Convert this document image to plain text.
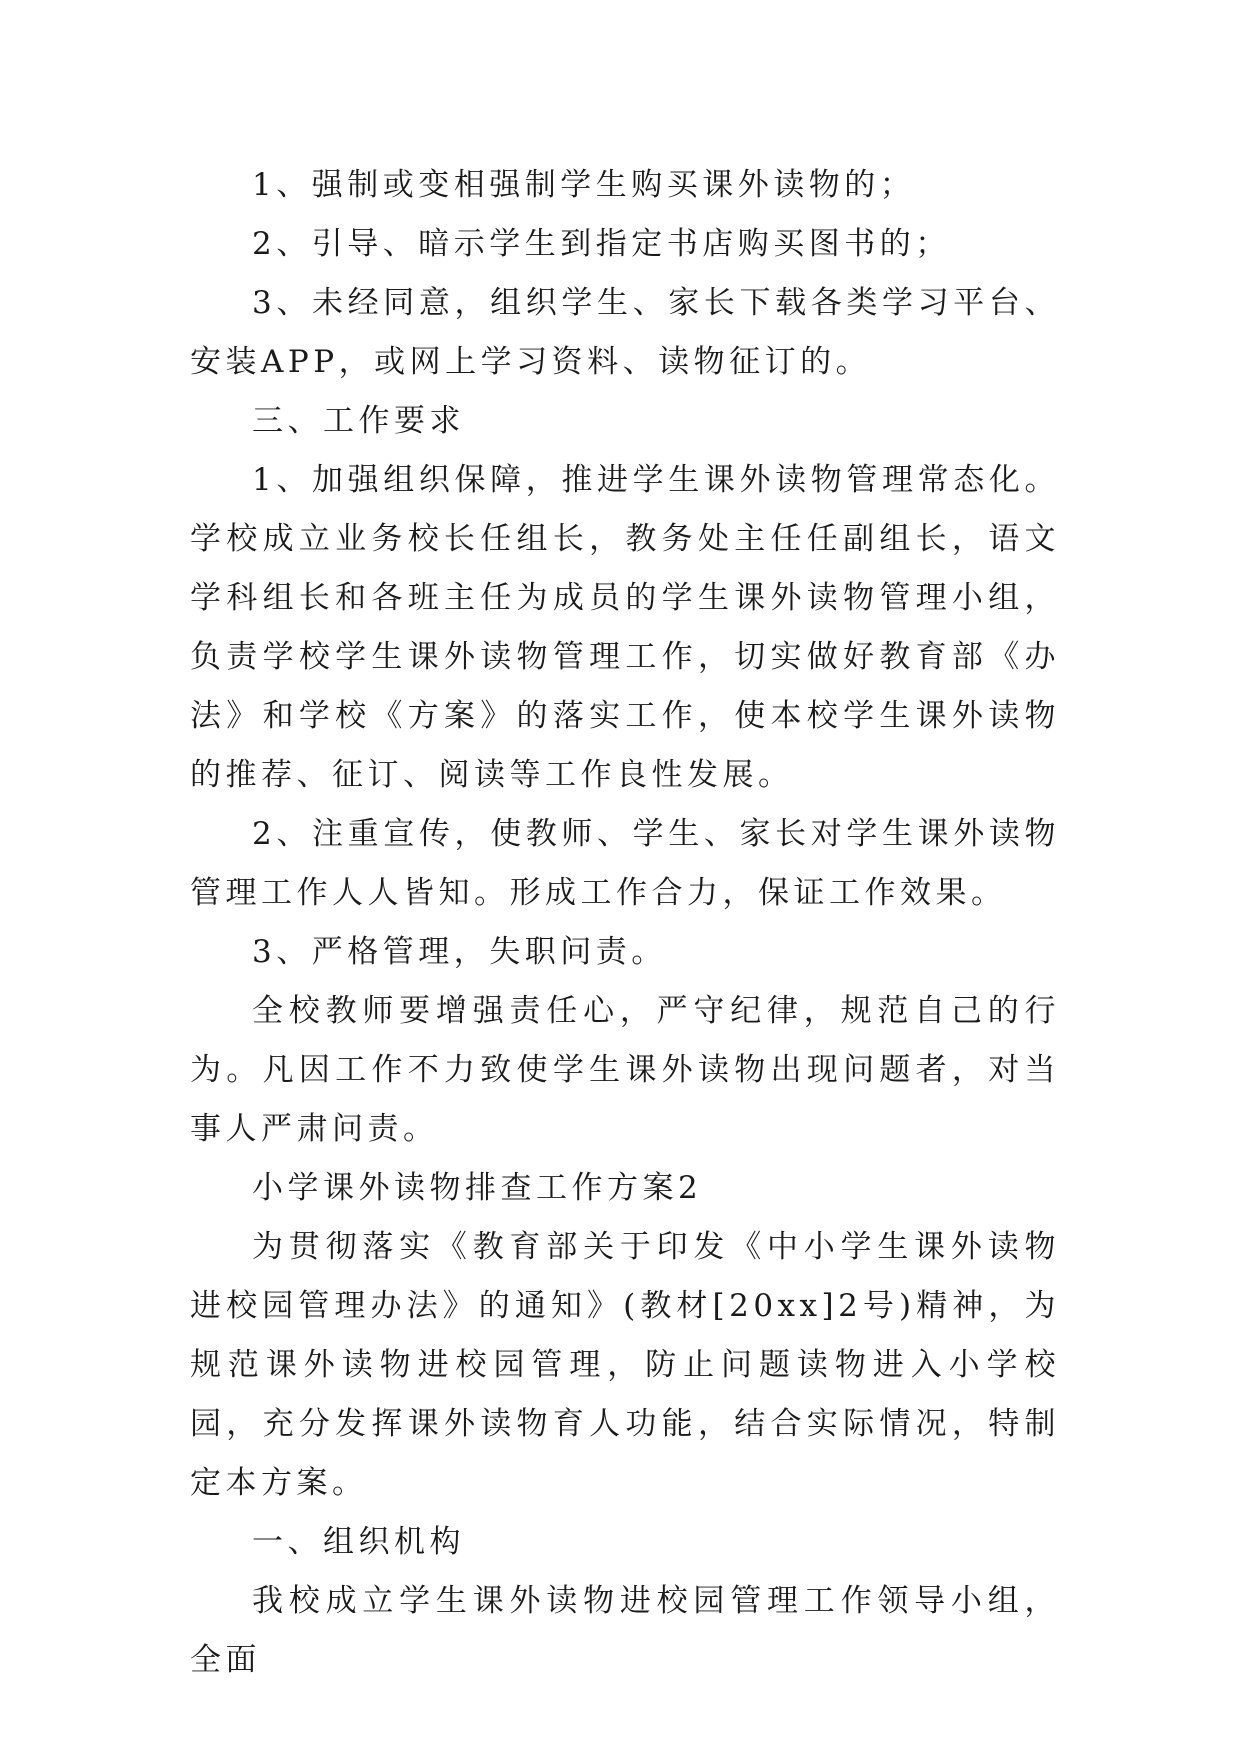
1、强制或变相强制学生购买课外读物的；

2、引导、暗示学生到指定书店购买图书的；

3、未经同意，组织学生、家长下载各类学习平台、安装APP，或网上学习资料、读物征订的。

三、工作要求

1、加强组织保障，推进学生课外读物管理常态化。学校成立业务校长任组长，教务处主任任副组长，语文学科组长和各班主任为成员的学生课外读物管理小组，负责学校学生课外读物管理工作，切实做好教育部《办法》和学校《方案》的落实工作，使本校学生课外读物的推荐、征订、阅读等工作良性发展。

2、注重宣传，使教师、学生、家长对学生课外读物管理工作人人皆知。形成工作合力，保证工作效果。

3、严格管理，失职问责。

全校教师要增强责任心，严守纪律，规范自己的行为。凡因工作不力致使学生课外读物出现问题者，对当事人严肃问责。

小学课外读物排查工作方案2

为贯彻落实《教育部关于印发《中小学生课外读物进校园管理办法》的通知》(教材[20xx]2号)精神，为规范课外读物进校园管理，防止问题读物进入小学校园，充分发挥课外读物育人功能，结合实际情况，特制定本方案。

一、组织机构

我校成立学生课外读物进校园管理工作领导小组，全面
